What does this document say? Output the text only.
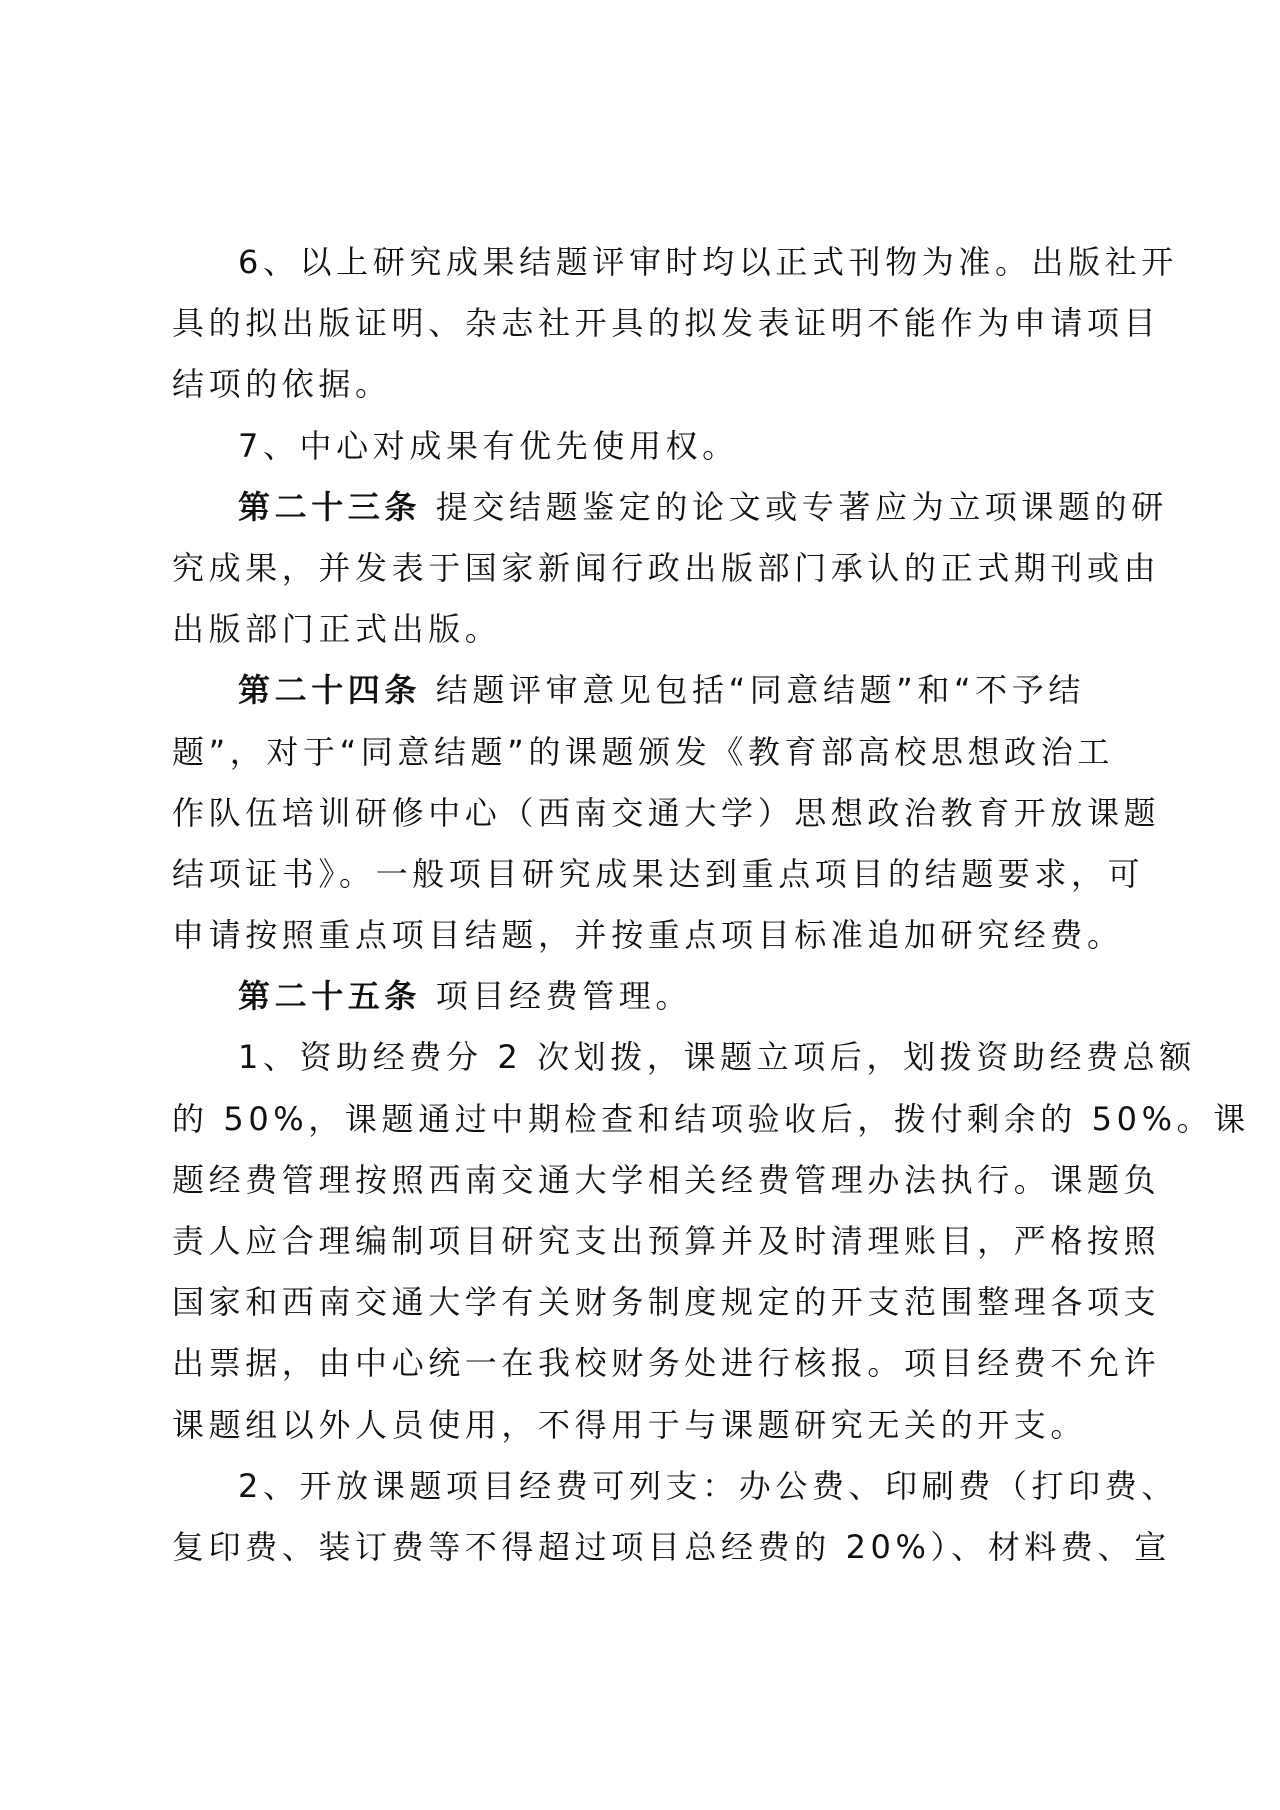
6、以上研究成果结题评审时均以正式刊物为准。出版社开
具的拟出版证明、杂志社开具的拟发表证明不能作为申请项目
结项的依据。
7、中心对成果有优先使用权。
第二十三条 提交结题鉴定的论文或专著应为立项课题的研
究成果，并发表于国家新闻行政出版部门承认的正式期刊或由
出版部门正式出版。
第二十四条 结题评审意见包括“同意结题”和“不予结
题”，对于“同意结题”的课题颁发《教育部高校思想政治工
作队伍培训研修中心（西南交通大学）思想政治教育开放课题
结项证书》。一般项目研究成果达到重点项目的结题要求，可
申请按照重点项目结题，并按重点项目标准追加研究经费。
第二十五条 项目经费管理。
1、资助经费分 2 次划拨，课题立项后，划拨资助经费总额
的 50%，课题通过中期检查和结项验收后，拨付剩余的 50%。课
题经费管理按照西南交通大学相关经费管理办法执行。课题负
责人应合理编制项目研究支出预算并及时清理账目，严格按照
国家和西南交通大学有关财务制度规定的开支范围整理各项支
出票据，由中心统一在我校财务处进行核报。项目经费不允许
课题组以外人员使用，不得用于与课题研究无关的开支。
2、开放课题项目经费可列支：办公费、印刷费（打印费、
复印费、装订费等不得超过项目总经费的 20%）、材料费、宣
